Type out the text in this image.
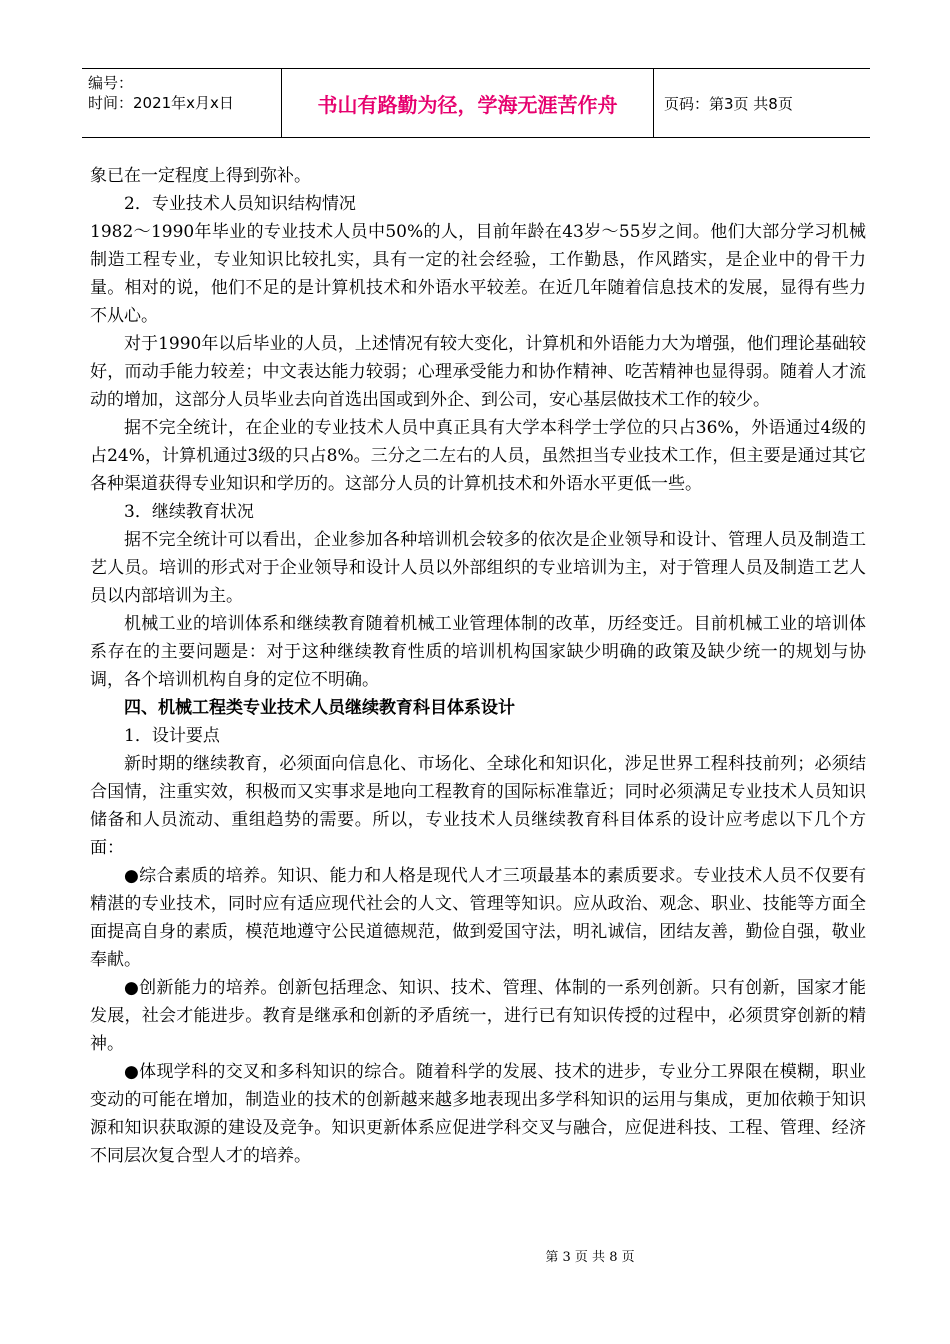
编号：
时间：2021年x月x日	书山有路勤为径，学海无涯苦作舟	页码：第3页 共8页

象已在一定程度上得到弥补。

2．专业技术人员知识结构情况

1982～1990年毕业的专业技术人员中50%的人，目前年龄在43岁～55岁之间。他们大部分学习机械制造工程专业，专业知识比较扎实，具有一定的社会经验，工作勤恳，作风踏实，是企业中的骨干力量。相对的说，他们不足的是计算机技术和外语水平较差。在近几年随着信息技术的发展，显得有些力不从心。

对于1990年以后毕业的人员，上述情况有较大变化，计算机和外语能力大为增强，他们理论基础较好，而动手能力较差；中文表达能力较弱；心理承受能力和协作精神、吃苦精神也显得弱。随着人才流动的增加，这部分人员毕业去向首选出国或到外企、到公司，安心基层做技术工作的较少。

据不完全统计，在企业的专业技术人员中真正具有大学本科学士学位的只占36%，外语通过4级的占24%，计算机通过3级的只占8%。三分之二左右的人员，虽然担当专业技术工作，但主要是通过其它各种渠道获得专业知识和学历的。这部分人员的计算机技术和外语水平更低一些。

3．继续教育状况

据不完全统计可以看出，企业参加各种培训机会较多的依次是企业领导和设计、管理人员及制造工艺人员。培训的形式对于企业领导和设计人员以外部组织的专业培训为主，对于管理人员及制造工艺人员以内部培训为主。

机械工业的培训体系和继续教育随着机械工业管理体制的改革，历经变迁。目前机械工业的培训体系存在的主要问题是：对于这种继续教育性质的培训机构国家缺少明确的政策及缺少统一的规划与协调，各个培训机构自身的定位不明确。

四、机械工程类专业技术人员继续教育科目体系设计

1．设计要点

新时期的继续教育，必须面向信息化、市场化、全球化和知识化，涉足世界工程科技前列；必须结合国情，注重实效，积极而又实事求是地向工程教育的国际标准靠近；同时必须满足专业技术人员知识储备和人员流动、重组趋势的需要。所以，专业技术人员继续教育科目体系的设计应考虑以下几个方面：

●综合素质的培养。知识、能力和人格是现代人才三项最基本的素质要求。专业技术人员不仅要有精湛的专业技术，同时应有适应现代社会的人文、管理等知识。应从政治、观念、职业、技能等方面全面提高自身的素质，模范地遵守公民道德规范，做到爱国守法，明礼诚信，团结友善，勤俭自强，敬业奉献。

●创新能力的培养。创新包括理念、知识、技术、管理、体制的一系列创新。只有创新，国家才能发展，社会才能进步。教育是继承和创新的矛盾统一，进行已有知识传授的过程中，必须贯穿创新的精神。

●体现学科的交叉和多科知识的综合。随着科学的发展、技术的进步，专业分工界限在模糊，职业变动的可能在增加，制造业的技术的创新越来越多地表现出多学科知识的运用与集成，更加依赖于知识源和知识获取源的建设及竞争。知识更新体系应促进学科交叉与融合，应促进科技、工程、管理、经济不同层次复合型人才的培养。

第 3 页 共 8 页
